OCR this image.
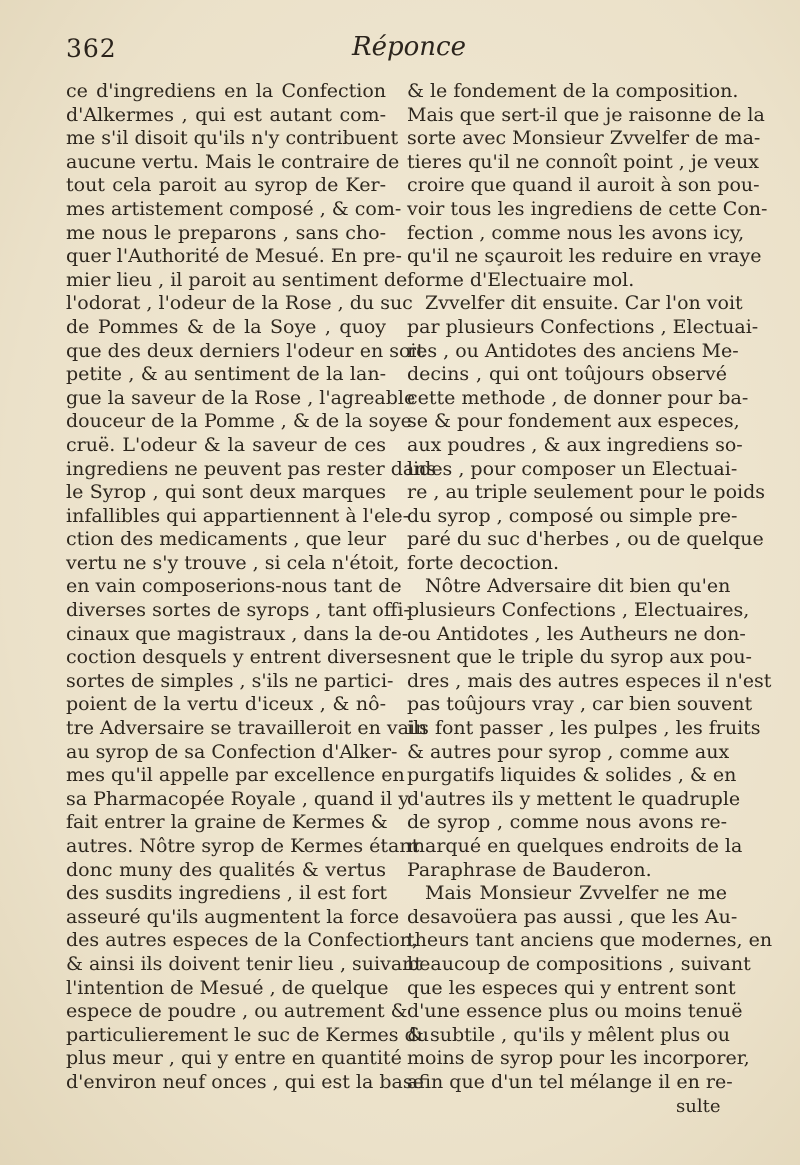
362	Réponce
ce d'ingrediens en la Confection
d'Alkermes , qui est autant com-
me s'il disoit qu'ils n'y contribuent
aucune vertu. Mais le contraire de
tout cela paroit au syrop de Ker-
mes artistement composé , & com-
me nous le preparons , sans cho-
quer l'Authorité de Mesué. En pre-
mier lieu , il paroit au sentiment de
l'odorat , l'odeur de la Rose , du suc
de Pommes & de la Soye , quoy
que des deux derniers l'odeur en soit
petite , & au sentiment de la lan-
gue la saveur de la Rose , l'agreable
douceur de la Pomme , & de la soye
cruë. L'odeur & la saveur de ces
ingrediens ne peuvent pas rester dans
le Syrop , qui sont deux marques
infallibles qui appartiennent à l'ele-
ction des medicaments , que leur
vertu ne s'y trouve , si cela n'étoit,
en vain composerions-nous tant de
diverses sortes de syrops , tant offi-
cinaux que magistraux , dans la de-
coction desquels y entrent diverses
sortes de simples , s'ils ne partici-
poient de la vertu d'iceux , & nô-
tre Adversaire se travailleroit en vain
au syrop de sa Confection d'Alker-
mes qu'il appelle par excellence en
sa Pharmacopée Royale , quand il y
fait entrer la graine de Kermes &
autres. Nôtre syrop de Kermes étant
donc muny des qualités & vertus
des susdits ingrediens , il est fort
asseuré qu'ils augmentent la force
des autres especes de la Confection,
& ainsi ils doivent tenir lieu , suivant
l'intention de Mesué , de quelque
espece de poudre , ou autrement &
particulierement le suc de Kermes du
plus meur , qui y entre en quantité
d'environ neuf onces , qui est la base
& le fondement de la composition.
Mais que sert-il que je raisonne de la
sorte avec Monsieur Zvvelfer de ma-
tieres qu'il ne connoît point , je veux
croire que quand il auroit à son pou-
voir tous les ingrediens de cette Con-
fection , comme nous les avons icy,
qu'il ne sçauroit les reduire en vraye
forme d'Electuaire mol.
Zvvelfer dit ensuite. Car l'on voit
par plusieurs Confections , Electuai-
res , ou Antidotes des anciens Me-
decins , qui ont toûjours observé
cette methode , de donner pour ba-
se & pour fondement aux especes,
aux poudres , & aux ingrediens so-
lides , pour composer un Electuai-
re , au triple seulement pour le poids
du syrop , composé ou simple pre-
paré du suc d'herbes , ou de quelque
forte decoction.
Nôtre Adversaire dit bien qu'en
plusieurs Confections , Electuaires,
ou Antidotes , les Autheurs ne don-
nent que le triple du syrop aux pou-
dres , mais des autres especes il n'est
pas toûjours vray , car bien souvent
ils font passer , les pulpes , les fruits
& autres pour syrop , comme aux
purgatifs liquides & solides , & en
d'autres ils y mettent le quadruple
de syrop , comme nous avons re-
marqué en quelques endroits de la
Paraphrase de Bauderon.
Mais Monsieur Zvvelfer ne me
desavoüera pas aussi , que les Au-
theurs tant anciens que modernes, en
beaucoup de compositions , suivant
que les especes qui y entrent sont
d'une essence plus ou moins tenuë
& subtile , qu'ils y mêlent plus ou
moins de syrop pour les incorporer,
afin que d'un tel mélange il en re-
sulte
